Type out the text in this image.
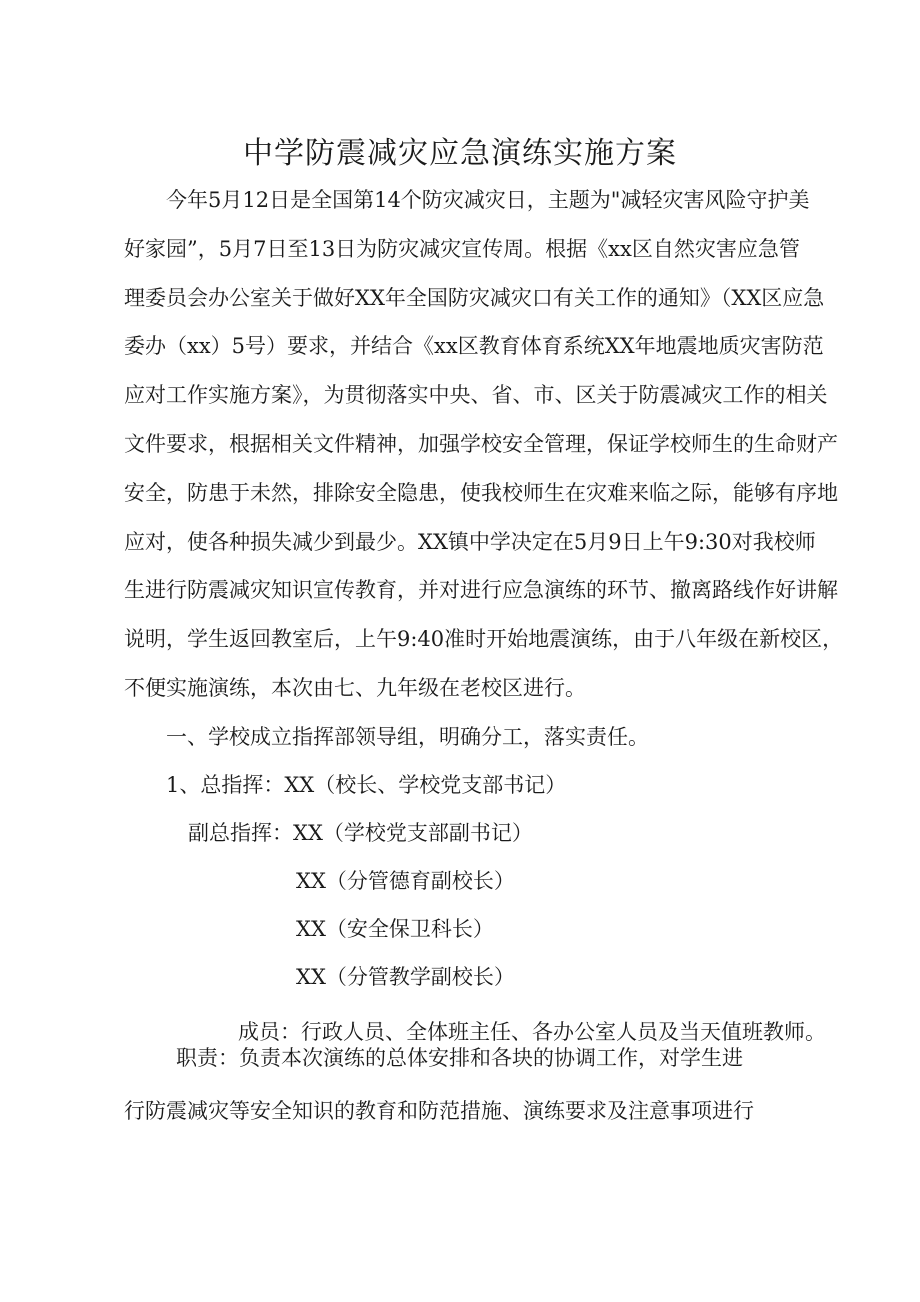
中学防震减灾应急演练实施方案
今年5月12日是全国第14个防灾减灾日，主题为"减轻灾害风险守护美
好家园”，5月7日至13日为防灾减灾宣传周。根据《xx区自然灾害应急管
理委员会办公室关于做好XX年全国防灾减灾口有关工作的通知》（XX区应急
委办（xx）5号）要求，并结合《xx区教育体育系统XX年地震地质灾害防范
应对工作实施方案》，为贯彻落实中央、省、市、区关于防震减灾工作的相关
文件要求，根据相关文件精神，加强学校安全管理，保证学校师生的生命财产
安全，防患于未然，排除安全隐患，使我校师生在灾难来临之际，能够有序地
应对，使各种损失减少到最少。XX镇中学决定在5月9日上午9:30对我校师
生进行防震减灾知识宣传教育，并对进行应急演练的环节、撤离路线作好讲解
说明，学生返回教室后，上午9:40准时开始地震演练，由于八年级在新校区，
不便实施演练，本次由七、九年级在老校区进行。
一、学校成立指挥部领导组，明确分工，落实责任。
1、总指挥：XX（校长、学校党支部书记）
副总指挥：XX（学校党支部副书记）
XX（分管德育副校长）
XX（安全保卫科长）
XX（分管教学副校长）
成员：行政人员、全体班主任、各办公室人员及当天值班教师。
职责：负责本次演练的总体安排和各块的协调工作，对学生进
行防震减灾等安全知识的教育和防范措施、演练要求及注意事项进行
